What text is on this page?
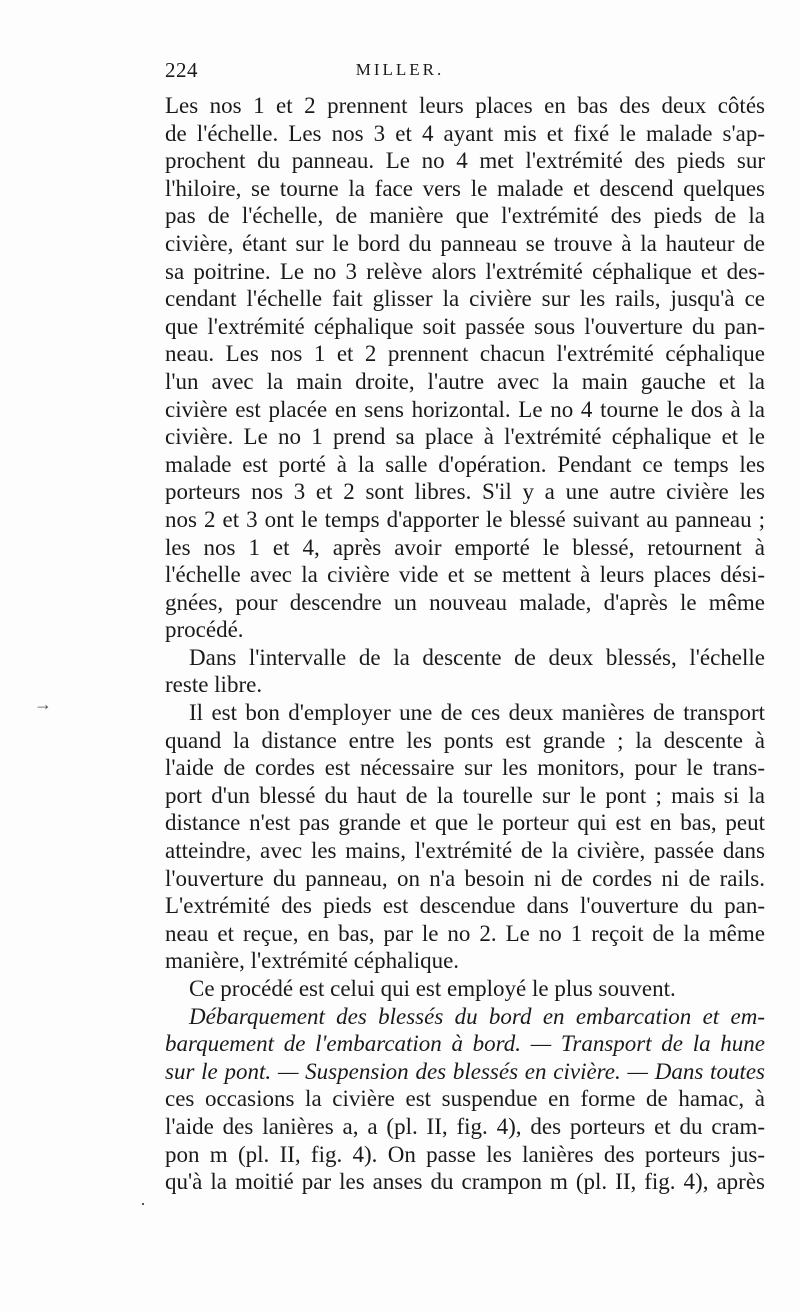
224	MILLER.
→
·
Les nos 1 et 2 prennent leurs places en bas des deux côtés
de l'échelle. Les nos 3 et 4 ayant mis et fixé le malade s'ap-
prochent du panneau. Le no 4 met l'extrémité des pieds sur
l'hiloire, se tourne la face vers le malade et descend quelques
pas de l'échelle, de manière que l'extrémité des pieds de la
civière, étant sur le bord du panneau se trouve à la hauteur de
sa poitrine. Le no 3 relève alors l'extrémité céphalique et des-
cendant l'échelle fait glisser la civière sur les rails, jusqu'à ce
que l'extrémité céphalique soit passée sous l'ouverture du pan-
neau. Les nos 1 et 2 prennent chacun l'extrémité céphalique
l'un avec la main droite, l'autre avec la main gauche et la
civière est placée en sens horizontal. Le no 4 tourne le dos à la
civière. Le no 1 prend sa place à l'extrémité céphalique et le
malade est porté à la salle d'opération. Pendant ce temps les
porteurs nos 3 et 2 sont libres. S'il y a une autre civière les
nos 2 et 3 ont le temps d'apporter le blessé suivant au panneau ;
les nos 1 et 4, après avoir emporté le blessé, retournent à
l'échelle avec la civière vide et se mettent à leurs places dési-
gnées, pour descendre un nouveau malade, d'après le même
procédé.
Dans l'intervalle de la descente de deux blessés, l'échelle
reste libre.
Il est bon d'employer une de ces deux manières de transport
quand la distance entre les ponts est grande ; la descente à
l'aide de cordes est nécessaire sur les monitors, pour le trans-
port d'un blessé du haut de la tourelle sur le pont ; mais si la
distance n'est pas grande et que le porteur qui est en bas, peut
atteindre, avec les mains, l'extrémité de la civière, passée dans
l'ouverture du panneau, on n'a besoin ni de cordes ni de rails.
L'extrémité des pieds est descendue dans l'ouverture du pan-
neau et reçue, en bas, par le no 2. Le no 1 reçoit de la même
manière, l'extrémité céphalique.
Ce procédé est celui qui est employé le plus souvent.
Débarquement des blessés du bord en embarcation et em-
barquement de l'embarcation à bord. — Transport de la hune
sur le pont. — Suspension des blessés en civière. — Dans toutes
ces occasions la civière est suspendue en forme de hamac, à
l'aide des lanières a, a (pl. II, fig. 4), des porteurs et du cram-
pon m (pl. II, fig. 4). On passe les lanières des porteurs jus-
qu'à la moitié par les anses du crampon m (pl. II, fig. 4), après
